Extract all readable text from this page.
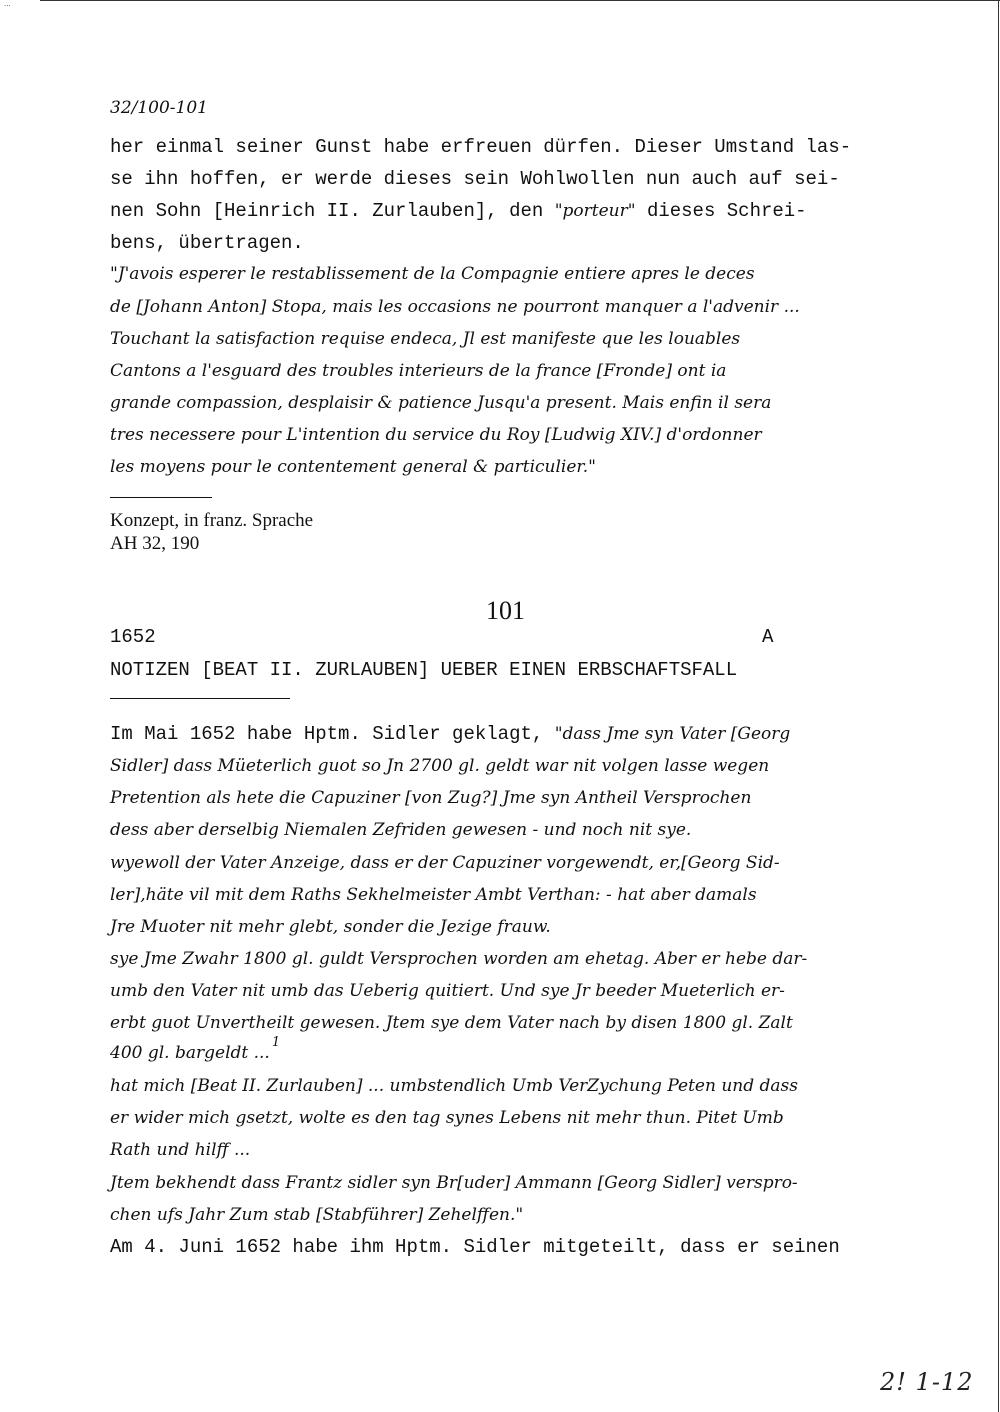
...
32/100-101
her einmal seiner Gunst habe erfreuen dürfen. Dieser Umstand las-
se ihn hoffen, er werde dieses sein Wohlwollen nun auch auf sei-
nen Sohn [Heinrich II. Zurlauben], den "porteur" dieses Schrei-
bens, übertragen.
"J'avois esperer le restablissement de la Compagnie entiere apres le deces
de [Johann Anton] Stopa, mais les occasions ne pourront manquer a l'advenir ...
Touchant la satisfaction requise endeca, Jl est manifeste que les louables
Cantons a l'esguard des troubles interieurs de la france [Fronde] ont ia
grande compassion, desplaisir & patience Jusqu'a present. Mais enfin il sera
tres necessere pour L'intention du service du Roy [Ludwig XIV.] d'ordonner
les moyens pour le contentement general & particulier."
Konzept, in franz. Sprache
AH 32, 190
101
1652	A
NOTIZEN [BEAT II. ZURLAUBEN] UEBER EINEN ERBSCHAFTSFALL
Im Mai 1652 habe Hptm. Sidler geklagt, "dass Jme syn Vater [Georg
Sidler] dass Müeterlich guot so Jn 2700 gl. geldt war nit volgen lasse wegen
Pretention als hete die Capuziner [von Zug?] Jme syn Antheil Versprochen
dess aber derselbig Niemalen Zefriden gewesen - und noch nit sye.
wyewoll der Vater Anzeige, dass er der Capuziner vorgewendt, er,[Georg Sid-
ler],häte vil mit dem Raths Sekhelmeister Ambt Verthan: - hat aber damals
Jre Muoter nit mehr glebt, sonder die Jezige frauw.
sye Jme Zwahr 1800 gl. guldt Versprochen worden am ehetag. Aber er hebe dar-
umb den Vater nit umb das Ueberig quitiert. Und sye Jr beeder Mueterlich er-
erbt guot Unvertheilt gewesen. Jtem sye dem Vater nach by disen 1800 gl. Zalt
400 gl. bargeldt ...$^1$
hat mich [Beat II. Zurlauben] ... umbstendlich Umb VerZychung Peten und dass
er wider mich gsetzt, wolte es den tag synes Lebens nit mehr thun. Pitet Umb
Rath und hilff ...
Jtem bekhendt dass Frantz sidler syn Br[uder] Ammann [Georg Sidler] verspro-
chen ufs Jahr Zum stab [Stabführer] Zehelffen."
Am 4. Juni 1652 habe ihm Hptm. Sidler mitgeteilt, dass er seinen
2! 1-12
